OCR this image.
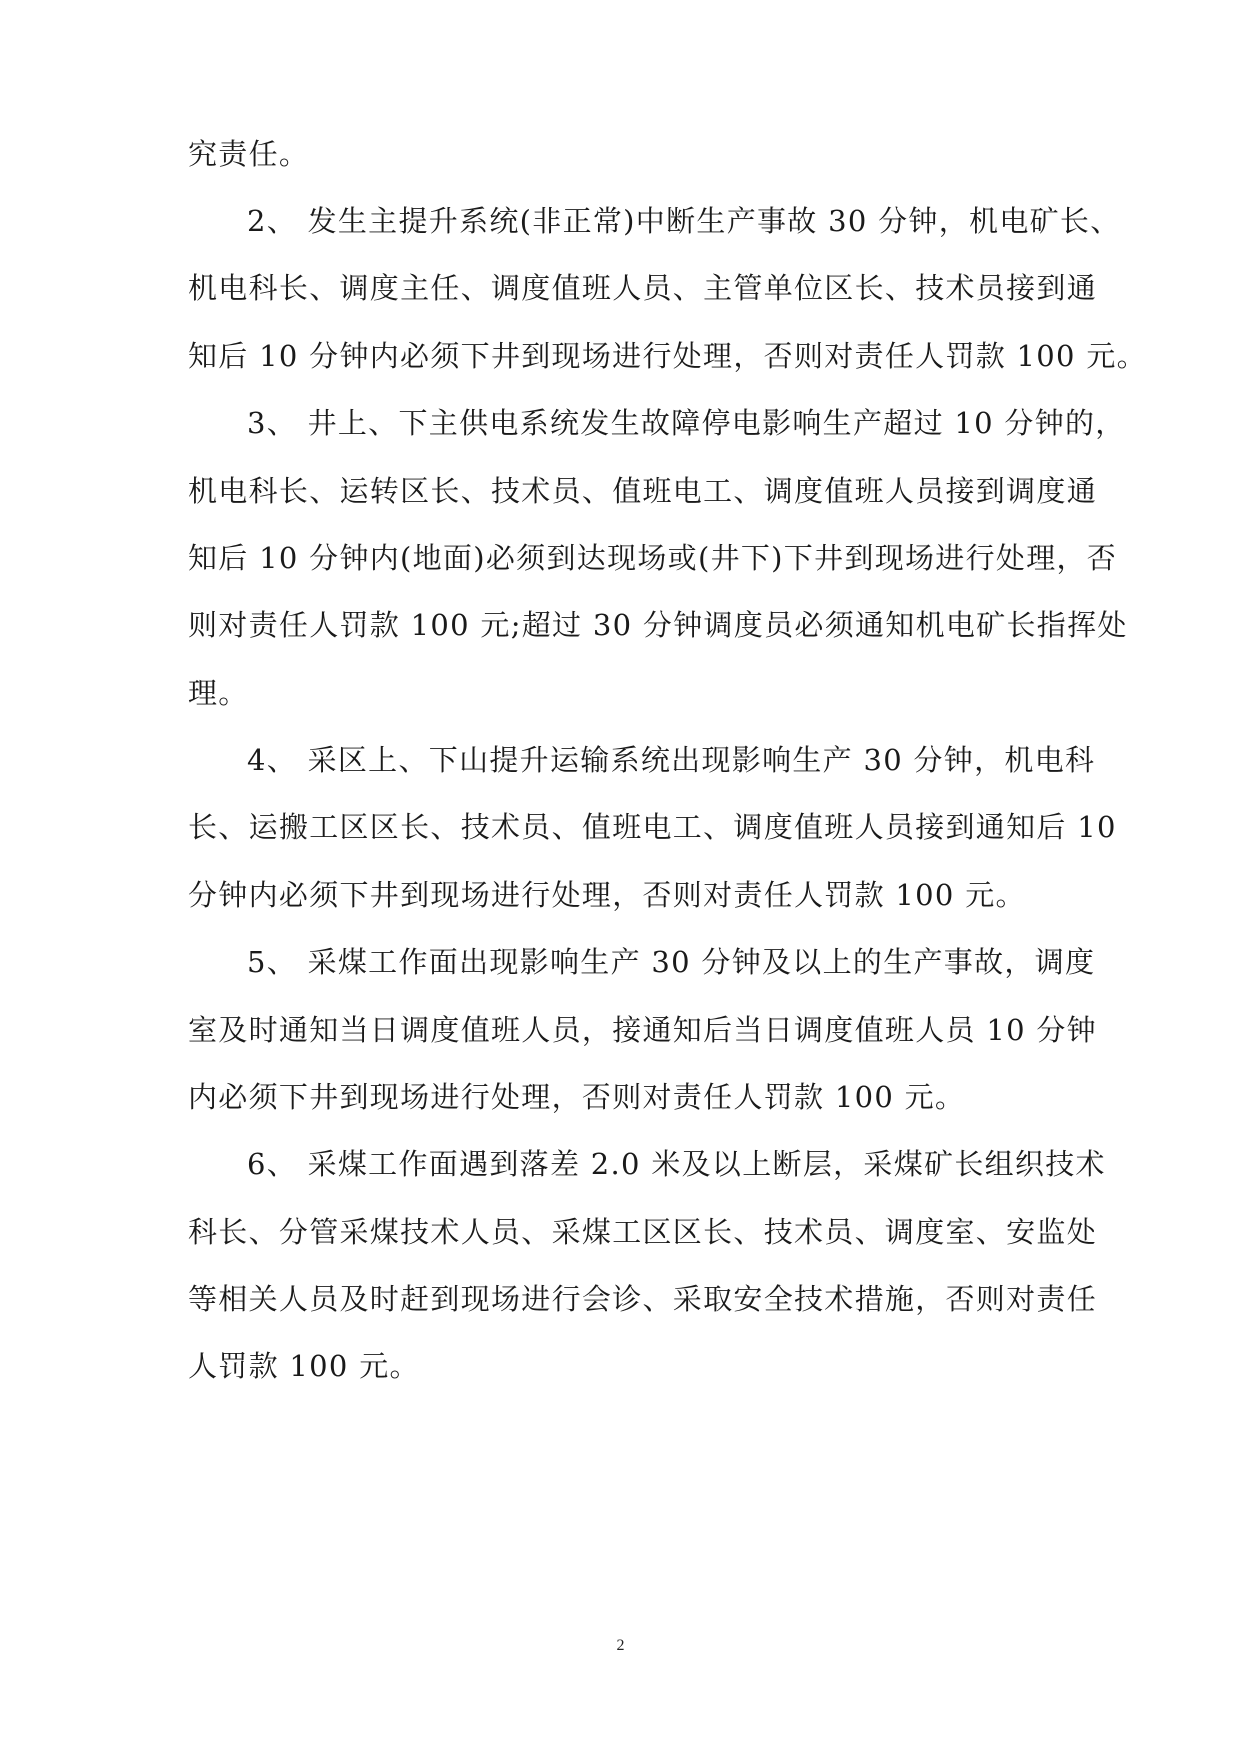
究责任。
2、 发生主提升系统(非正常)中断生产事故 30 分钟，机电矿长、
机电科长、调度主任、调度值班人员、主管单位区长、技术员接到通
知后 10 分钟内必须下井到现场进行处理，否则对责任人罚款 100 元。
3、 井上、下主供电系统发生故障停电影响生产超过 10 分钟的，
机电科长、运转区长、技术员、值班电工、调度值班人员接到调度通
知后 10 分钟内(地面)必须到达现场或(井下)下井到现场进行处理，否
则对责任人罚款 100 元;超过 30 分钟调度员必须通知机电矿长指挥处
理。
4、 采区上、下山提升运输系统出现影响生产 30 分钟，机电科
长、运搬工区区长、技术员、值班电工、调度值班人员接到通知后 10
分钟内必须下井到现场进行处理，否则对责任人罚款 100 元。
5、 采煤工作面出现影响生产 30 分钟及以上的生产事故，调度
室及时通知当日调度值班人员，接通知后当日调度值班人员 10 分钟
内必须下井到现场进行处理，否则对责任人罚款 100 元。
6、 采煤工作面遇到落差 2.0 米及以上断层，采煤矿长组织技术
科长、分管采煤技术人员、采煤工区区长、技术员、调度室、安监处
等相关人员及时赶到现场进行会诊、采取安全技术措施，否则对责任
人罚款 100 元。
2
